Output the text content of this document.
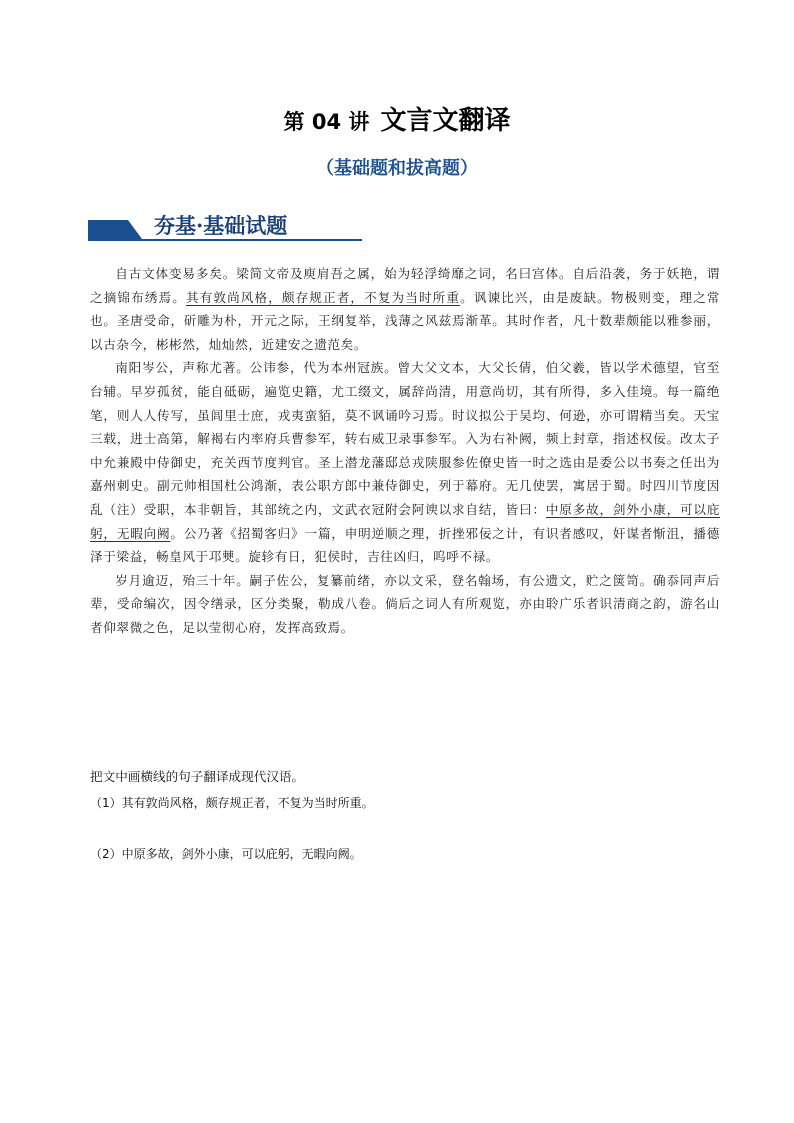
第 04 讲 文言文翻译
（基础题和拔高题）
夯基·基础试题

自古文体变易多矣。梁简文帝及庾肩吾之属，始为轻浮绮靡之词，名曰宫体。自后沿袭，务于妖艳，谓之摘锦布绣焉。其有敦尚风格，颇存规正者，不复为当时所重。讽谏比兴，由是废缺。物极则变，理之常也。圣唐受命，斫雕为朴，开元之际，王纲复举，浅薄之风兹焉渐革。其时作者，凡十数辈颇能以雅参丽，以古杂今，彬彬然，灿灿然，近建安之遗范矣。

南阳岑公，声称尤著。公讳参，代为本州冠族。曾大父文本，大父长倩，伯父羲，皆以学术德望，官至台辅。早岁孤贫，能自砥砺，遍览史籍，尤工缀文，属辞尚清，用意尚切，其有所得，多入佳境。每一篇绝笔，则人人传写，虽闾里士庶，戎夷蛮貊，莫不讽诵吟习焉。时议拟公于吴均、何逊，亦可谓精当矣。天宝三载，进士高第，解褐右内率府兵曹参军，转右威卫录事参军。入为右补阙，频上封章，指述权佞。改太子中允兼殿中侍御史，充关西节度判官。圣上潜龙藩邸总戎陕服参佐僚史皆一时之选由是委公以书奏之任出为嘉州刺史。副元帅相国杜公鸿渐，表公职方郎中兼侍御史，列于幕府。无几使罢，寓居于蜀。时四川节度因乱（注）受职，本非朝旨，其部统之内，文武衣冠附会阿谀以求自结，皆曰：中原多故，剑外小康，可以庇躬，无暇向阙。公乃著《招蜀客归》一篇，申明逆顺之理，折挫邪佞之计，有识者感叹，奸谋者惭沮，播德泽于梁益，畅皇风于邛僰。旋轸有日，犯侯时，吉往凶归，呜呼不禄。

岁月逾迈，殆三十年。嗣子佐公，复纂前绪，亦以文采，登名翰场，有公遗文，贮之箧笥。确忝同声后辈，受命编次，因令缮录，区分类聚，勒成八卷。倘后之词人有所观览，亦由聆广乐者识清商之韵，游名山者仰翠微之色，足以莹彻心府，发挥高致焉。

把文中画横线的句子翻译成现代汉语。
（1）其有敦尚风格，颇存规正者，不复为当时所重。
（2）中原多故，剑外小康，可以庇躬，无暇向阙。
